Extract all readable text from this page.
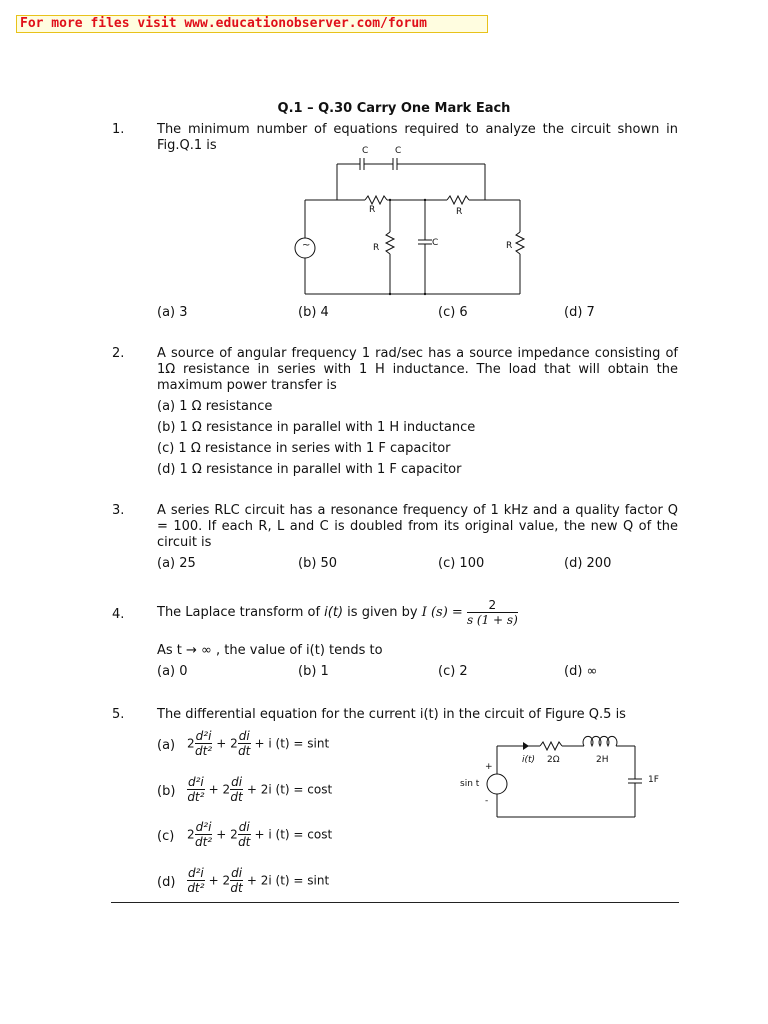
For more files visit www.educationobserver.com/forum
Q.1 – Q.30 Carry One Mark Each
1.	The minimum number of equations required to analyze the circuit shown in Fig.Q.1 is	C	C
R	R
R	C	R
~
(a) 3	(b) 4	(c) 6	(d) 7
2.	A source of angular frequency 1 rad/sec has a source impedance consisting of 1Ω resistance in series with 1 H inductance. The load that will obtain the maximum power transfer is
(a) 1 Ω resistance
(b) 1 Ω resistance in parallel with 1 H inductance
(c) 1 Ω resistance in series with 1 F capacitor
(d) 1 Ω resistance in parallel with 1 F capacitor
3.	A series RLC circuit has a resonance frequency of 1 kHz and a quality factor Q = 100. If each R, L and C is doubled from its original value, the new Q of the circuit is
(a) 25	(b) 50	(c) 100	(d) 200
4.	The Laplace transform of i(t) is given by I $(s) = \frac{2}{s (1 + s)}$
As t → ∞ , the value of i(t) tends to
(a) 0	(b) 1	(c) 2	(d) ∞
5.	The differential equation for the current i(t) in the circuit of Figure Q.5 is
(a) $2 \frac{\text{d²i}}{\text{dt²}} + 2 \frac{di}{dt} + i$ (t) = sint
$(b) \frac{\text{d²i}}{\text{dt²}} + 2 \frac{di}{dt} + 2i$ (t) = cost
(c) $2 \frac{\text{d²i}}{\text{dt²}} + 2 \frac{di}{dt} + i$ (t) = cost
$(d) \frac{\text{d²i}}{\text{dt²}} + 2 \frac{di}{dt} + 2i$ (t) = sint
i(t) 2Ω	2H
1F
sin t
+
-
